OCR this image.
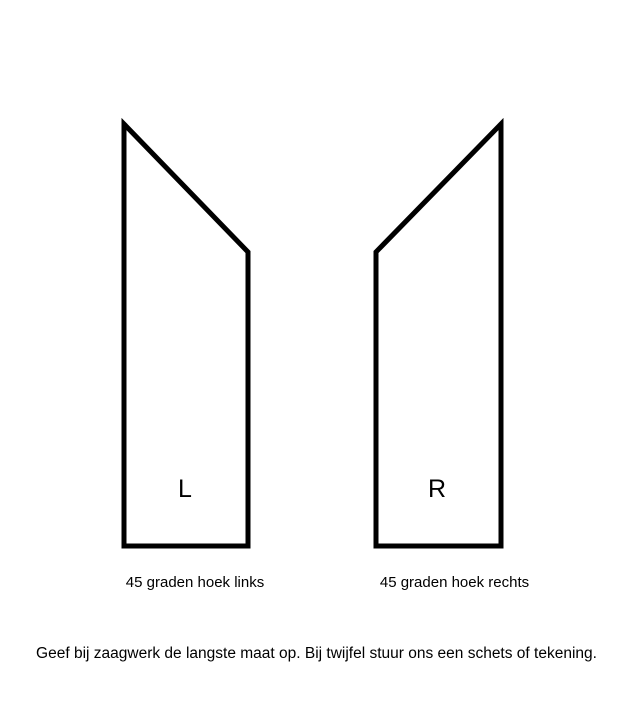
L	R
45 graden hoek links	45 graden hoek rechts
Geef bij zaagwerk de langste maat op. Bij twijfel stuur ons een schets of tekening.
